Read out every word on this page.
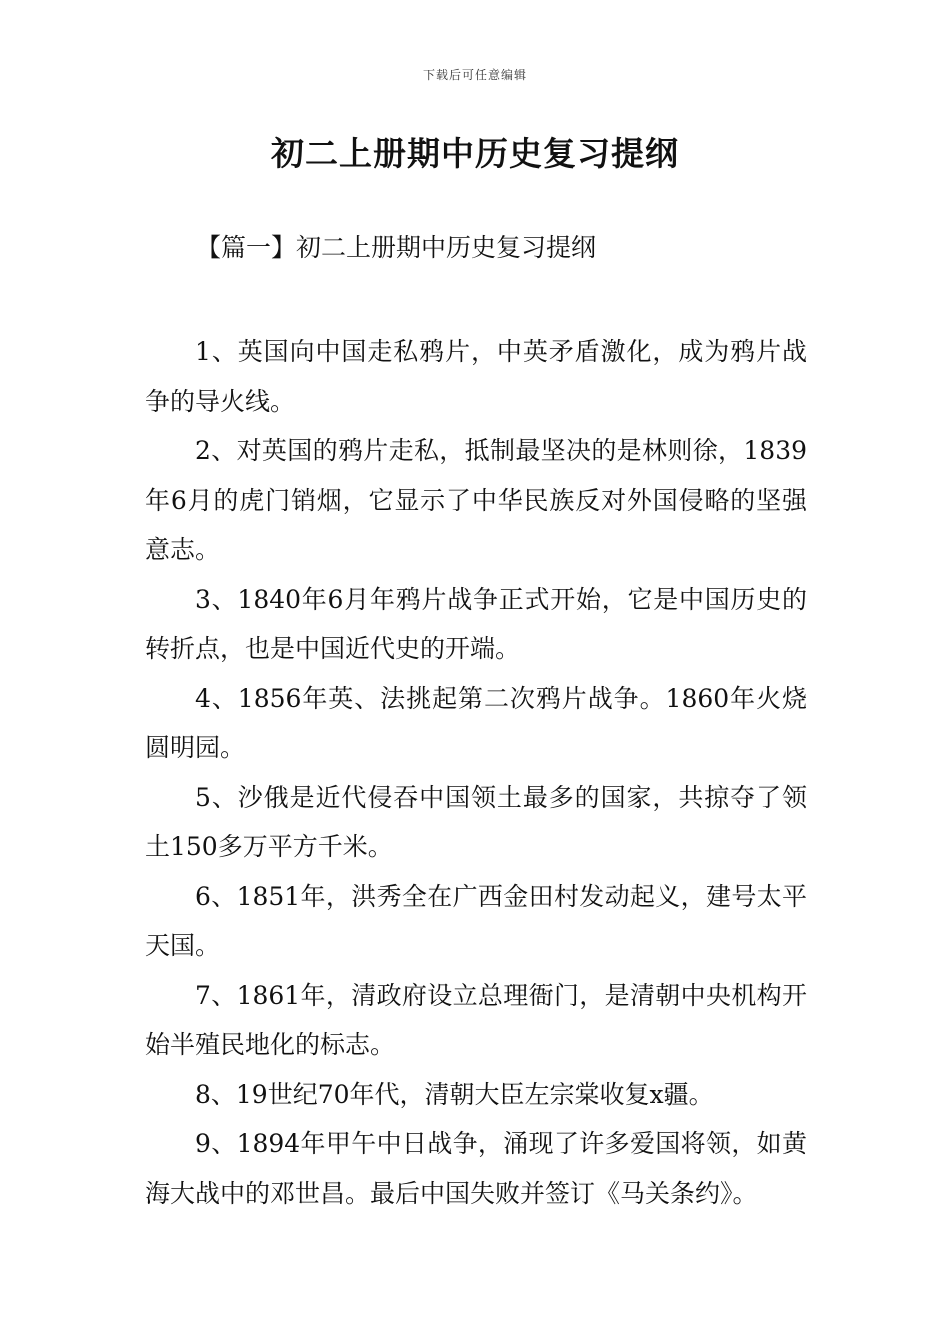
下载后可任意编辑
初二上册期中历史复习提纲
【篇一】初二上册期中历史复习提纲

1、英国向中国走私鸦片，中英矛盾激化，成为鸦片战争的导火线。

2、对英国的鸦片走私，抵制最坚决的是林则徐，1839年6月的虎门销烟，它显示了中华民族反对外国侵略的坚强意志。

3、1840年6月年鸦片战争正式开始，它是中国历史的转折点，也是中国近代史的开端。

4、1856年英、法挑起第二次鸦片战争。1860年火烧圆明园。

5、沙俄是近代侵吞中国领土最多的国家，共掠夺了领土150多万平方千米。

6、1851年，洪秀全在广西金田村发动起义，建号太平天国。

7、1861年，清政府设立总理衙门，是清朝中央机构开始半殖民地化的标志。

8、19世纪70年代，清朝大臣左宗棠收复x疆。

9、1894年甲午中日战争，涌现了许多爱国将领，如黄海大战中的邓世昌。最后中国失败并签订《马关条约》。
